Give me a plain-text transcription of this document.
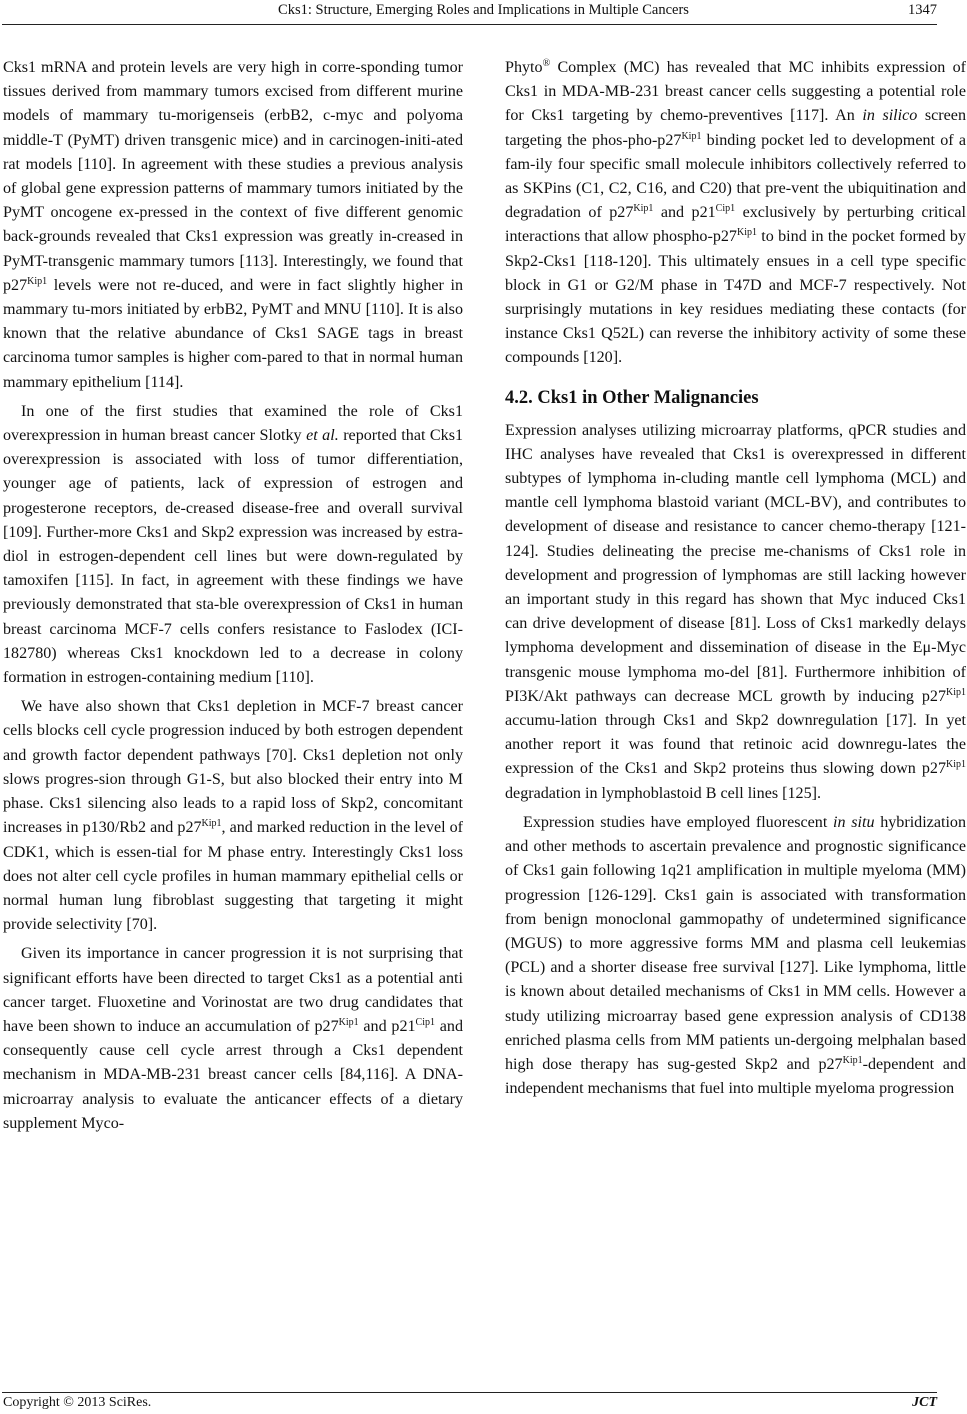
Cks1: Structure, Emerging Roles and Implications in Multiple Cancers	1347

Cks1 mRNA and protein levels are very high in corre-sponding tumor tissues derived from mammary tumors excised from different murine models of mammary tu-morigenseis (erbB2, c-myc and polyoma middle-T (PyMT) driven transgenic mice) and in carcinogen-initi-ated rat models [110]. In agreement with these studies a previous analysis of global gene expression patterns of mammary tumors initiated by the PyMT oncogene ex-pressed in the context of five different genomic back-grounds revealed that Cks1 expression was greatly in-creased in PyMT-transgenic mammary tumors [113]. Interestingly, we found that $p27^{Kip1}$ levels were not re-duced, and were in fact slightly higher in mammary tu-mors initiated by erbB2, PyMT and MNU [110]. It is also known that the relative abundance of Cks1 SAGE tags in breast carcinoma tumor samples is higher com-pared to that in normal human mammary epithelium [114].

In one of the first studies that examined the role of Cks1 overexpression in human breast cancer Slotky et al. reported that Cks1 overexpression is associated with loss of tumor differentiation, younger age of patients, lack of expression of estrogen and progesterone receptors, de-creased disease-free and overall survival [109]. Further-more Cks1 and Skp2 expression was increased by estra-diol in estrogen-dependent cell lines but were down-regulated by tamoxifen [115]. In fact, in agreement with these findings we have previously demonstrated that sta-ble overexpression of Cks1 in human breast carcinoma MCF-7 cells confers resistance to Faslodex (ICI-182780) whereas Cks1 knockdown led to a decrease in colony formation in estrogen-containing medium [110].

We have also shown that Cks1 depletion in MCF-7 breast cancer cells blocks cell cycle progression induced by both estrogen dependent and growth factor dependent pathways [70]. Cks1 depletion not only slows progres-sion through G1-S, but also blocked their entry into M phase. Cks1 silencing also leads to a rapid loss of Skp2, concomitant increases in p130/Rb2 and $p27^{Kip1}$, and marked reduction in the level of CDK1, which is essen-tial for M phase entry. Interestingly Cks1 loss does not alter cell cycle profiles in human mammary epithelial cells or normal human lung fibroblast suggesting that targeting it might provide selectivity [70].

Given its importance in cancer progression it is not surprising that significant efforts have been directed to target Cks1 as a potential anti cancer target. Fluoxetine and Vorinostat are two drug candidates that have been shown to induce an accumulation of $p27^{Kip1}$ and $p21^{Cip1}$ and consequently cause cell cycle arrest through a Cks1 dependent mechanism in MDA-MB-231 breast cancer cells [84,116]. A DNA-microarray analysis to evaluate the anticancer effects of a dietary supplement Myco-

Phyto® Complex (MC) has revealed that MC inhibits expression of Cks1 in MDA-MB-231 breast cancer cells suggesting a potential role for Cks1 targeting by chemo-preventives [117]. An in silico screen targeting the phos-$pho-p27^{Kip1}$ binding pocket led to development of a fam-ily four specific small molecule inhibitors collectively referred to as SKPins (C1, C2, C16, and C20) that pre-vent the ubiquitination and degradation of $p27^{Kip1}$ and $p21^{Cip1}$ exclusively by perturbing critical interactions that allow phospho-$p27^{Kip1}$ to bind in the pocket formed by Skp2-Cks1 [118-120]. This ultimately ensues in a cell type specific block in G1 or G2/M phase in T47D and MCF-7 respectively. Not surprisingly mutations in key residues mediating these contacts (for instance Cks1 Q52L) can reverse the inhibitory activity of some these compounds [120].

4.2. Cks1 in Other Malignancies

Expression analyses utilizing microarray platforms, qPCR studies and IHC analyses have revealed that Cks1 is overexpressed in different subtypes of lymphoma in-cluding mantle cell lymphoma (MCL) and mantle cell lymphoma blastoid variant (MCL-BV), and contributes to development of disease and resistance to cancer chemo-therapy [121-124]. Studies delineating the precise me-chanisms of Cks1 role in development and progression of lymphomas are still lacking however an important study in this regard has shown that Myc induced Cks1 can drive development of disease [81]. Loss of Cks1 markedly delays lymphoma development and dissemination of disease in the Eμ-Myc transgenic mouse lymphoma mo-del [81]. Furthermore inhibition of PI3K/Akt pathways can decrease MCL growth by inducing $p27^{Kip1}$ accumu-lation through Cks1 and Skp2 downregulation [17]. In yet another report it was found that retinoic acid downregu-lates the expression of the Cks1 and Skp2 proteins thus slowing down $p27^{Kip1}$ degradation in lymphoblastoid B cell lines [125].

Expression studies have employed fluorescent in situ hybridization and other methods to ascertain prevalence and prognostic significance of Cks1 gain following 1q21 amplification in multiple myeloma (MM) progression [126-129]. Cks1 gain is associated with transformation from benign monoclonal gammopathy of undetermined significance (MGUS) to more aggressive forms MM and plasma cell leukemias (PCL) and a shorter disease free survival [127]. Like lymphoma, little is known about detailed mechanisms of Cks1 in MM cells. However a study utilizing microarray based gene expression analysis of CD138 enriched plasma cells from MM patients un-dergoing melphalan based high dose therapy has sug-gested Skp2 and $p27^{Kip1}$-dependent and independent mechanisms that fuel into multiple myeloma progression

Copyright © 2013 SciRes.	JCT
